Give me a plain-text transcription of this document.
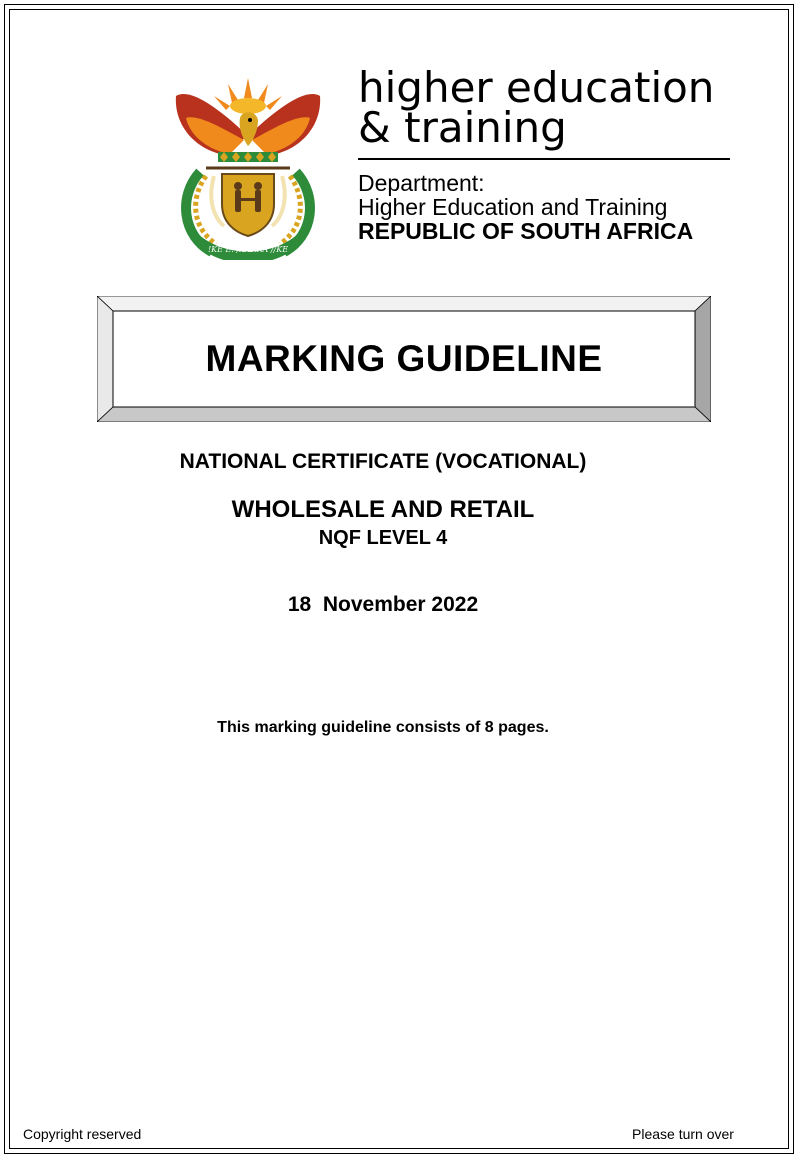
!KE E: /XARRA //KE
higher education
& training
Department:
Higher Education and Training
REPUBLIC OF SOUTH AFRICA
MARKING GUIDELINE
NATIONAL CERTIFICATE (VOCATIONAL)
WHOLESALE AND RETAIL
NQF LEVEL 4
18  November 2022
This marking guideline consists of 8 pages.
Copyright reserved	Please turn over
